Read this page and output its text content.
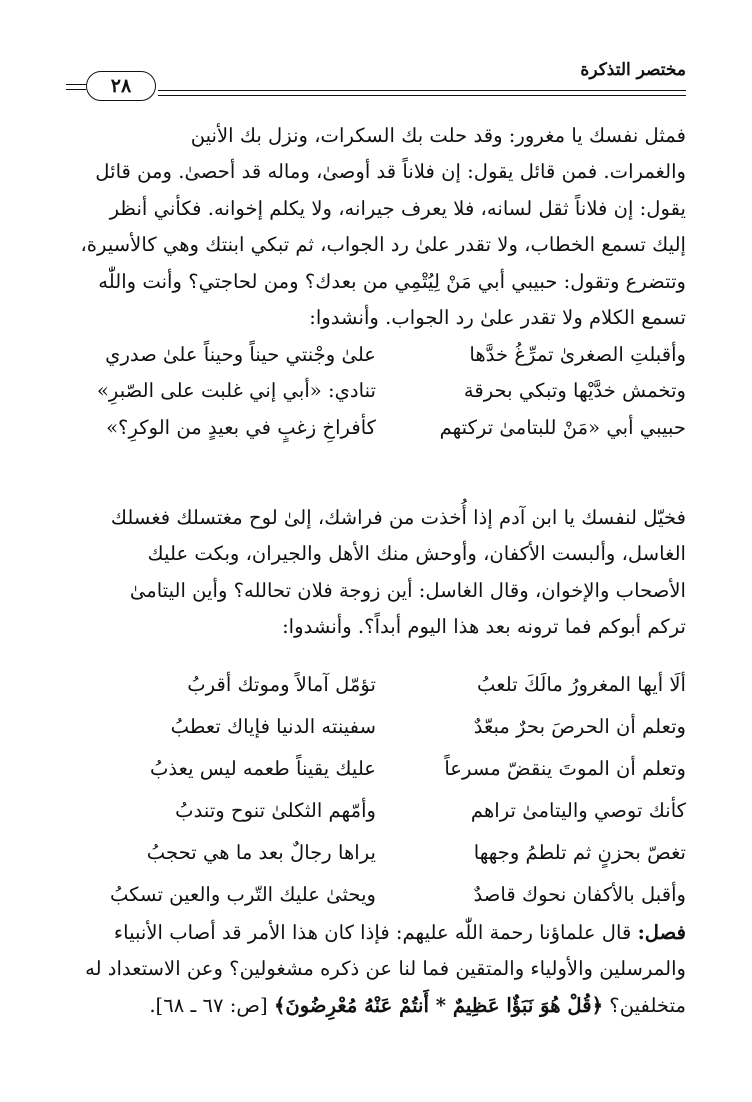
مختصر التذكرة
٢٨

فمثل نفسك يا مغرور: وقد حلت بك السكرات، ونزل بك الأنين

والغمرات. فمن قائل يقول: إن فلاناً قد أوصىٰ، وماله قد أحصىٰ. ومن قائل

يقول: إن فلاناً ثقل لسانه، فلا يعرف جيرانه، ولا يكلم إخوانه. فكأني أنظر

إليك تسمع الخطاب، ولا تقدر علىٰ رد الجواب، ثم تبكي ابنتك وهي كالأسيرة،

وتتضرع وتقول: حبيبي أبي مَنْ لِيُتْمِي من بعدك؟ ومن لحاجتي؟ وأنت واللّٰه

تسمع الكلام ولا تقدر علىٰ رد الجواب. وأنشدوا:

وأقبلتِ الصغرىٰ تمرِّغُ خدَّها
علىٰ وجْنتي حيناً وحيناً علىٰ صدري
وتخمش خدَّيْها وتبكي بحرقة
تنادي: «أبي إني غلبت على الصّبرِ»
حبيبي أبي «مَنْ للبتامىٰ تركتهم
كأفراخِ زغبٍ في بعيدٍ من الوكرِ؟»

فخيّل لنفسك يا ابن آدم إذا أُخذت من فراشك، إلىٰ لوح مغتسلك فغسلك

الغاسل، وألبست الأكفان، وأوحش منك الأهل والجيران، وبكت عليك

الأصحاب والإخوان، وقال الغاسل: أين زوجة فلان تحالله؟ وأين اليتامىٰ

تركم أبوكم فما ترونه بعد هذا اليوم أبداً؟. وأنشدوا:

ألَا أيها المغرورُ مالَكَ تلعبُ
تؤمّل آمالاً وموتك أقربُ
وتعلم أن الحرصَ بحرٌ مبعّدٌ
سفينته الدنيا فإياك تعطبُ
وتعلم أن الموتَ ينقضّ مسرعاً
عليك يقيناً طعمه ليس يعذبُ
كأنك توصي واليتامىٰ تراهم
وأمّهم الثكلىٰ تنوح وتندبُ
تغصّ بحزنٍ ثم تلطمُ وجهها
يراها رجالٌ بعد ما هي تحجبُ
وأقبل بالأكفان نحوك قاصدٌ
ويحثىٰ عليك التّرب والعين تسكبُ

فصل: قال علماؤنا رحمة اللّٰه عليهم: فإذا كان هذا الأمر قد أصاب الأنبياء

والمرسلين والأولياء والمتقين فما لنا عن ذكره مشغولين؟ وعن الاستعداد له

متخلفين؟ ﴿قُلْ هُوَ نَبَؤٌا عَظِيمٌ * أَنتُمْ عَنْهُ مُعْرِضُونَ﴾ [ص: ٦٧ ـ ٦٨].
